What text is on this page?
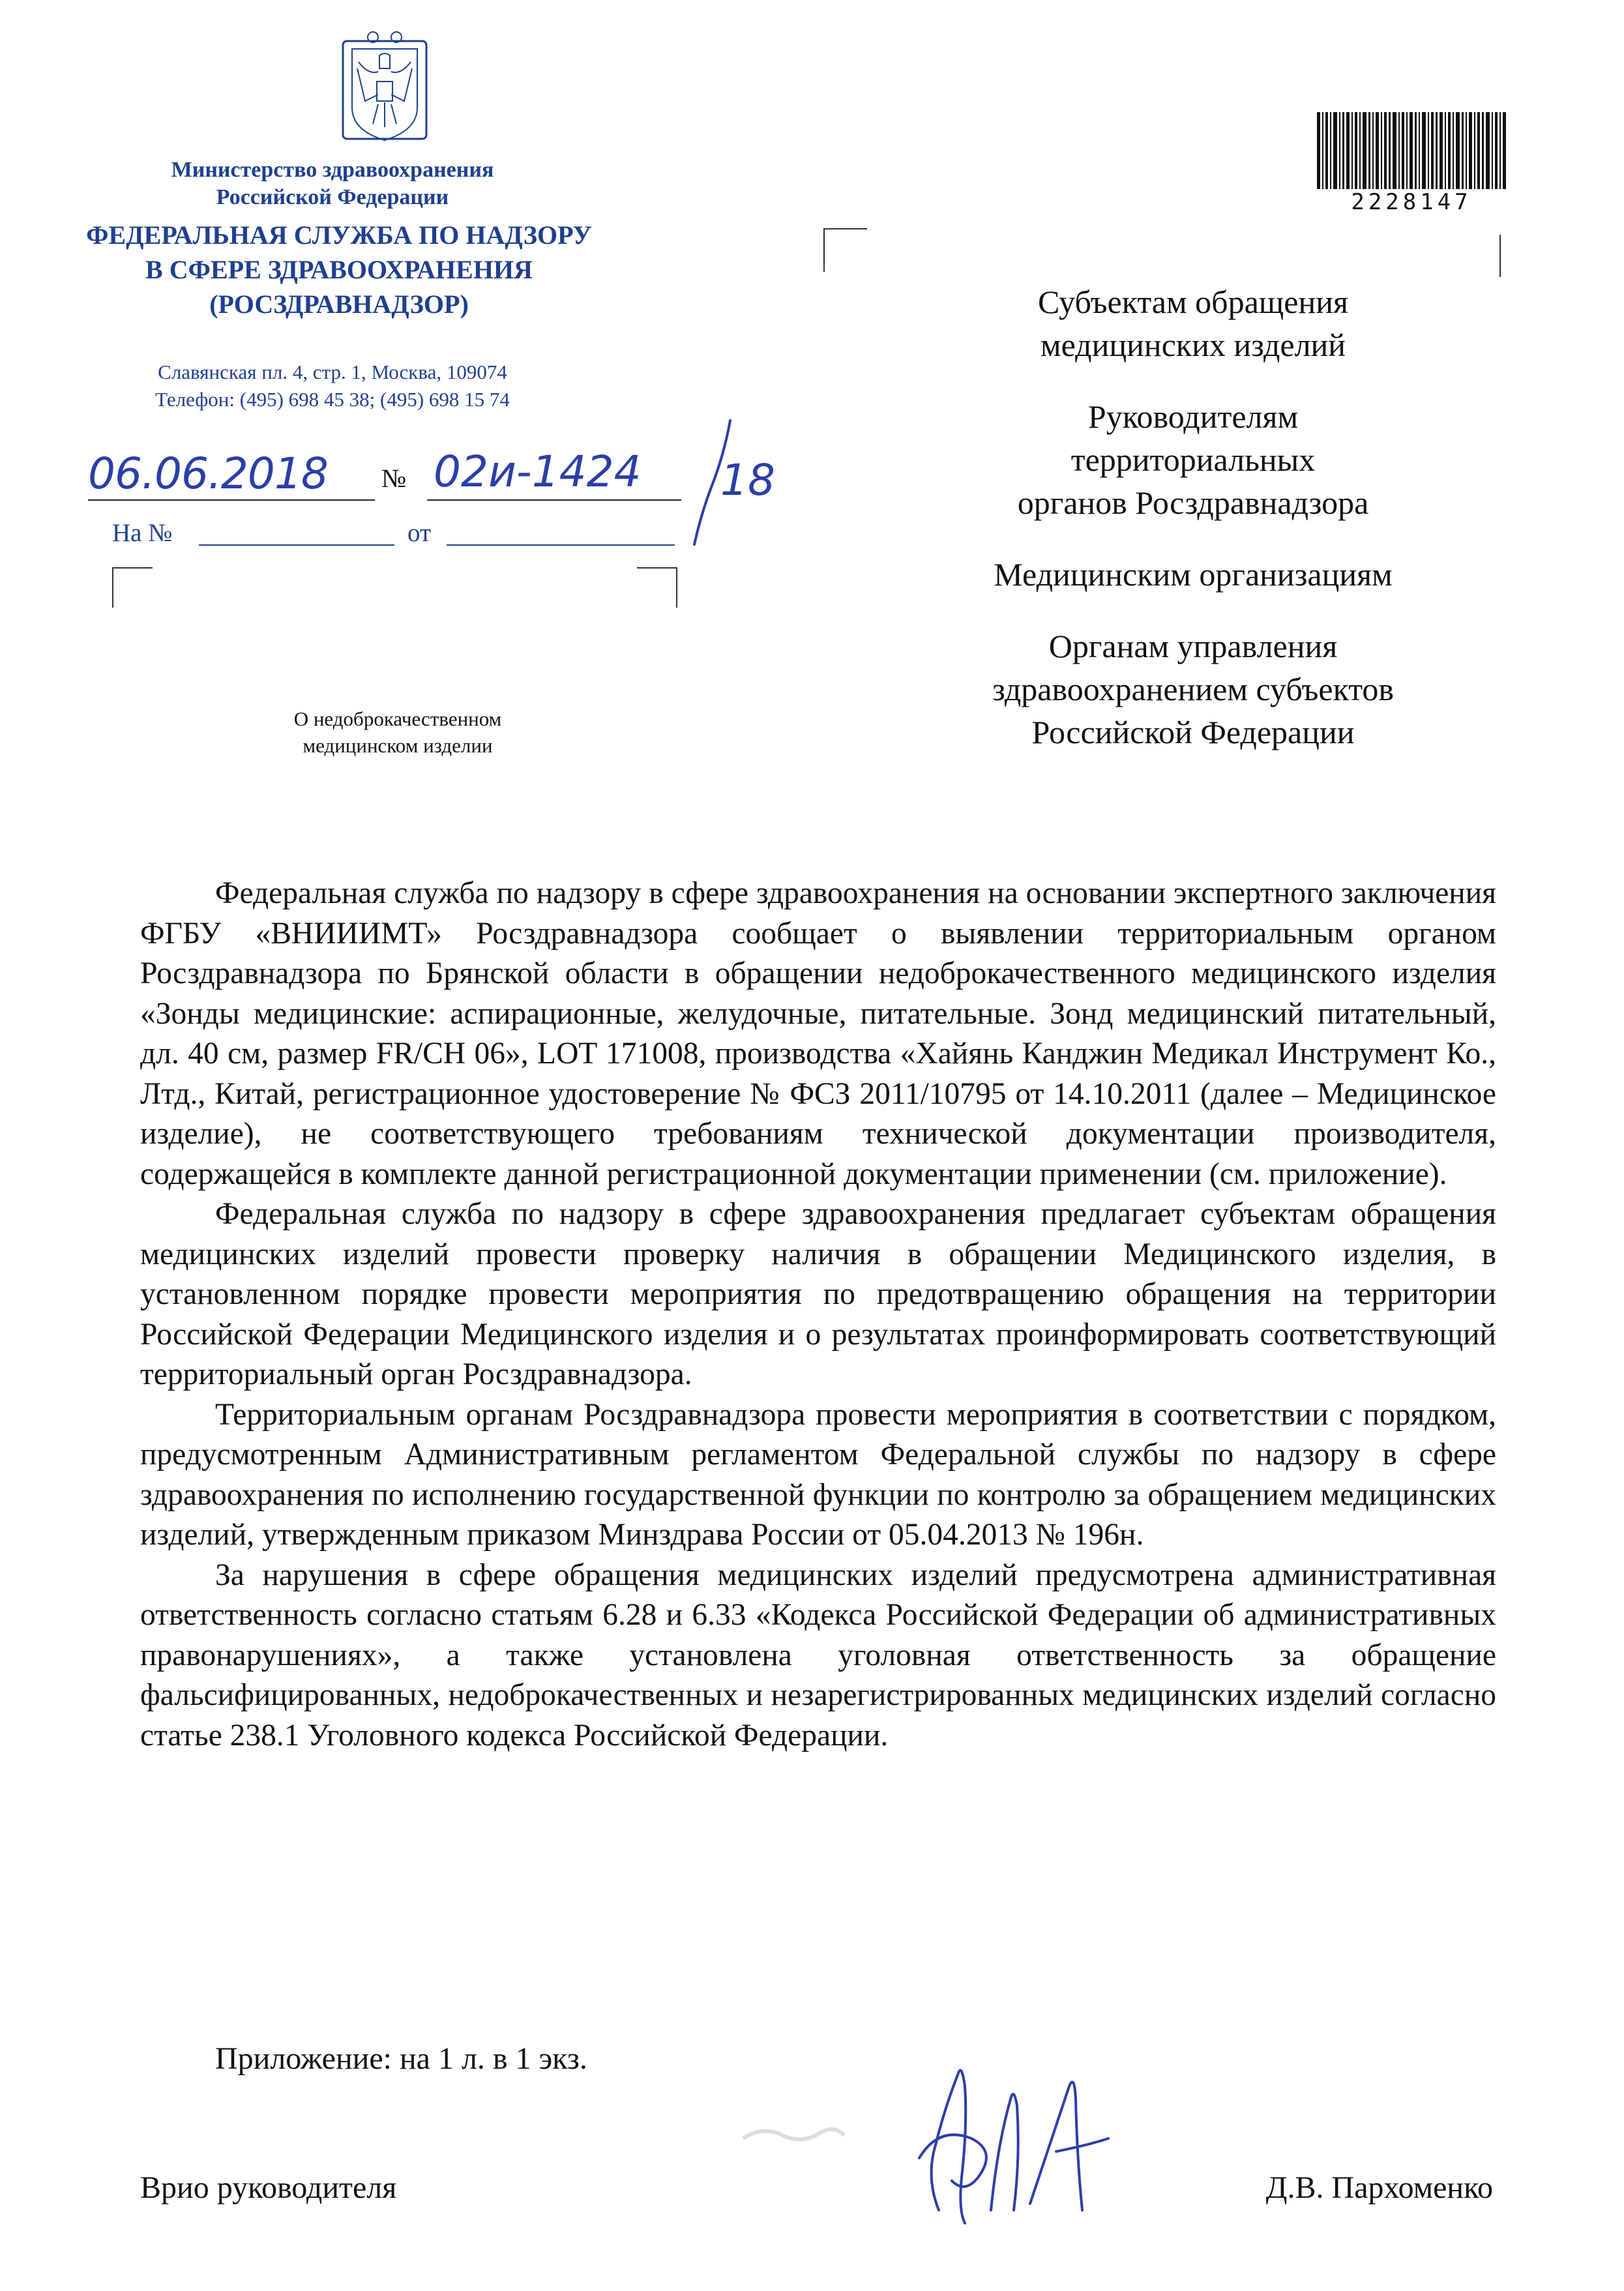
Министерство здравоохранения
Российской Федерации
ФЕДЕРАЛЬНАЯ СЛУЖБА ПО НАДЗОРУ
В СФЕРЕ ЗДРАВООХРАНЕНИЯ
(РОСЗДРАВНАДЗОР)
Славянская пл. 4, стр. 1, Москва, 109074
Телефон: (495) 698 45 38; (495) 698 15 74
06.06.2018 № 02и-1424 18
На №	от
2228147
Субъектам обращения
медицинских изделий
Руководителям
территориальных
органов Росздравнадзора
Медицинским организациям
Органам управления
здравоохранением субъектов
Российской Федерации
О недоброкачественном
медицинском изделии

Федеральная служба по надзору в сфере здравоохранения на основании экспертного заключения ФГБУ «ВНИИИМТ» Росздравнадзора сообщает о выявлении территориальным органом Росздравнадзора по Брянской области в обращении недоброкачественного медицинского изделия «Зонды медицинские: аспирационные, желудочные, питательные. Зонд медицинский питательный, дл. 40 см, размер FR/CH 06», LOT 171008, производства «Хайянь Канджин Медикал Инструмент Ко., Лтд., Китай, регистрационное удостоверение № ФСЗ 2011/10795 от 14.10.2011 (далее – Медицинское изделие), не соответствующего требованиям технической документации производителя, содержащейся в комплекте данной регистрационной документации применении (см. приложение).

Федеральная служба по надзору в сфере здравоохранения предлагает субъектам обращения медицинских изделий провести проверку наличия в обращении Медицинского изделия, в установленном порядке провести мероприятия по предотвращению обращения на территории Российской Федерации Медицинского изделия и о результатах проинформировать соответствующий территориальный орган Росздравнадзора.

Территориальным органам Росздравнадзора провести мероприятия в соответствии с порядком, предусмотренным Административным регламентом Федеральной службы по надзору в сфере здравоохранения по исполнению государственной функции по контролю за обращением медицинских изделий, утвержденным приказом Минздрава России от 05.04.2013 № 196н.

За нарушения в сфере обращения медицинских изделий предусмотрена административная ответственность согласно статьям 6.28 и 6.33 «Кодекса Российской Федерации об административных правонарушениях», а также установлена уголовная ответственность за обращение фальсифицированных, недоброкачественных и незарегистрированных медицинских изделий согласно статье 238.1 Уголовного кодекса Российской Федерации.

Приложение: на 1 л. в 1 экз.
Врио руководителя	Д.В. Пархоменко
